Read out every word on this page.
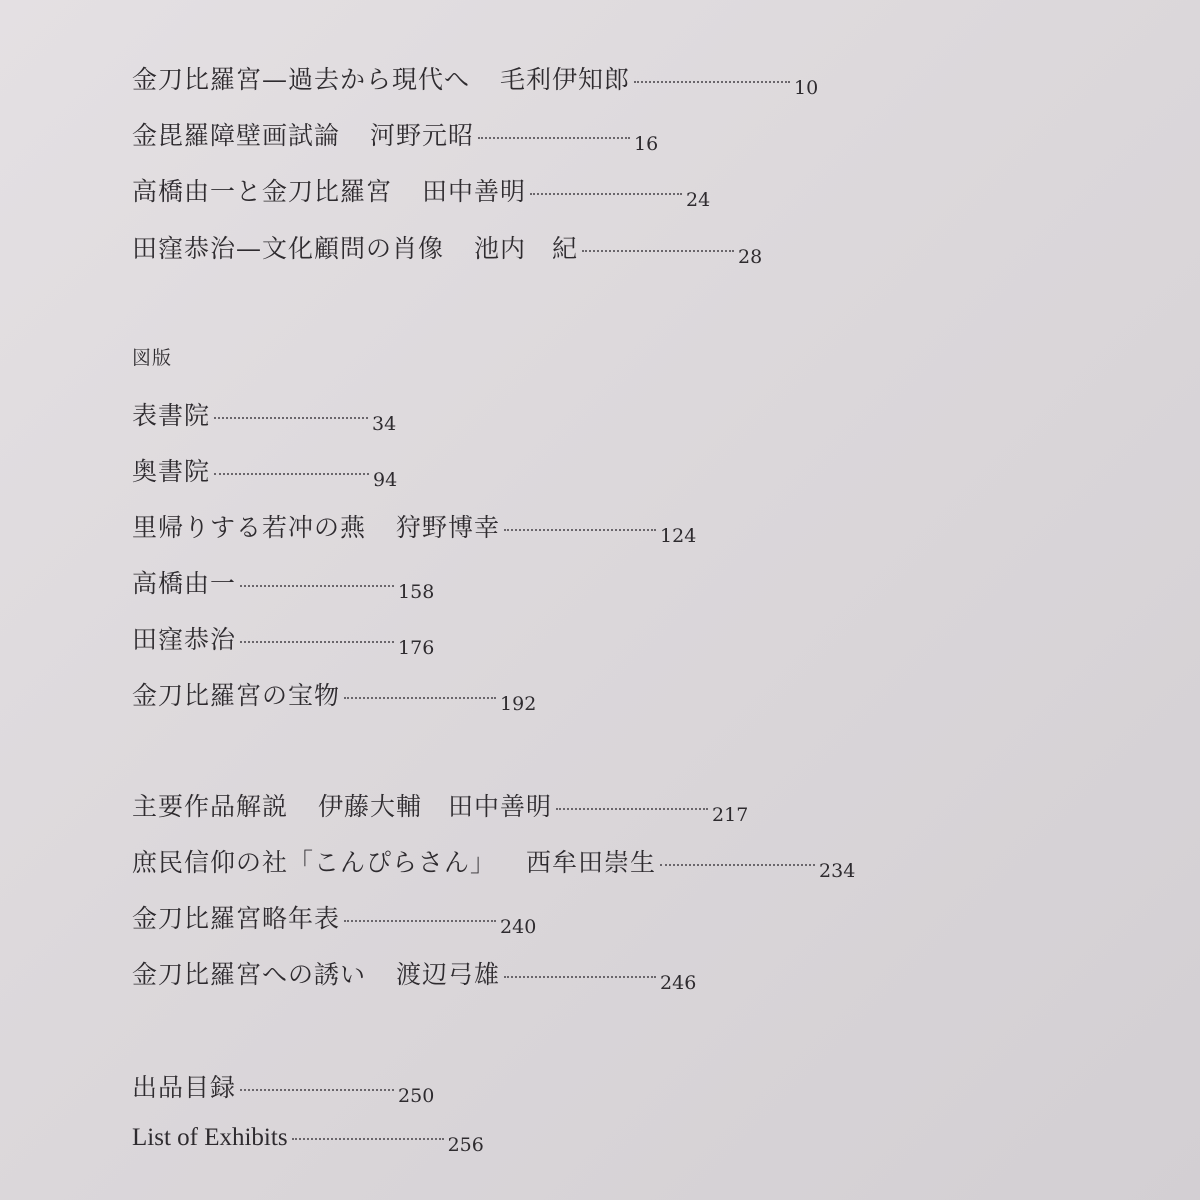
金刀比羅宮—過去から現代へ 毛利伊知郎	10
金毘羅障壁画試論 河野元昭	16
高橋由一と金刀比羅宮 田中善明	24
田窪恭治—文化顧問の肖像 池内　紀	28
図版
表書院	34
奥書院	94
里帰りする若冲の燕 狩野博幸	124
高橋由一	158
田窪恭治	176
金刀比羅宮の宝物	192
主要作品解説 伊藤大輔　田中善明	217
庶民信仰の社「こんぴらさん」 西牟田崇生	234
金刀比羅宮略年表	240
金刀比羅宮への誘い 渡辺弓雄	246
出品目録	250
List of Exhibits	256
